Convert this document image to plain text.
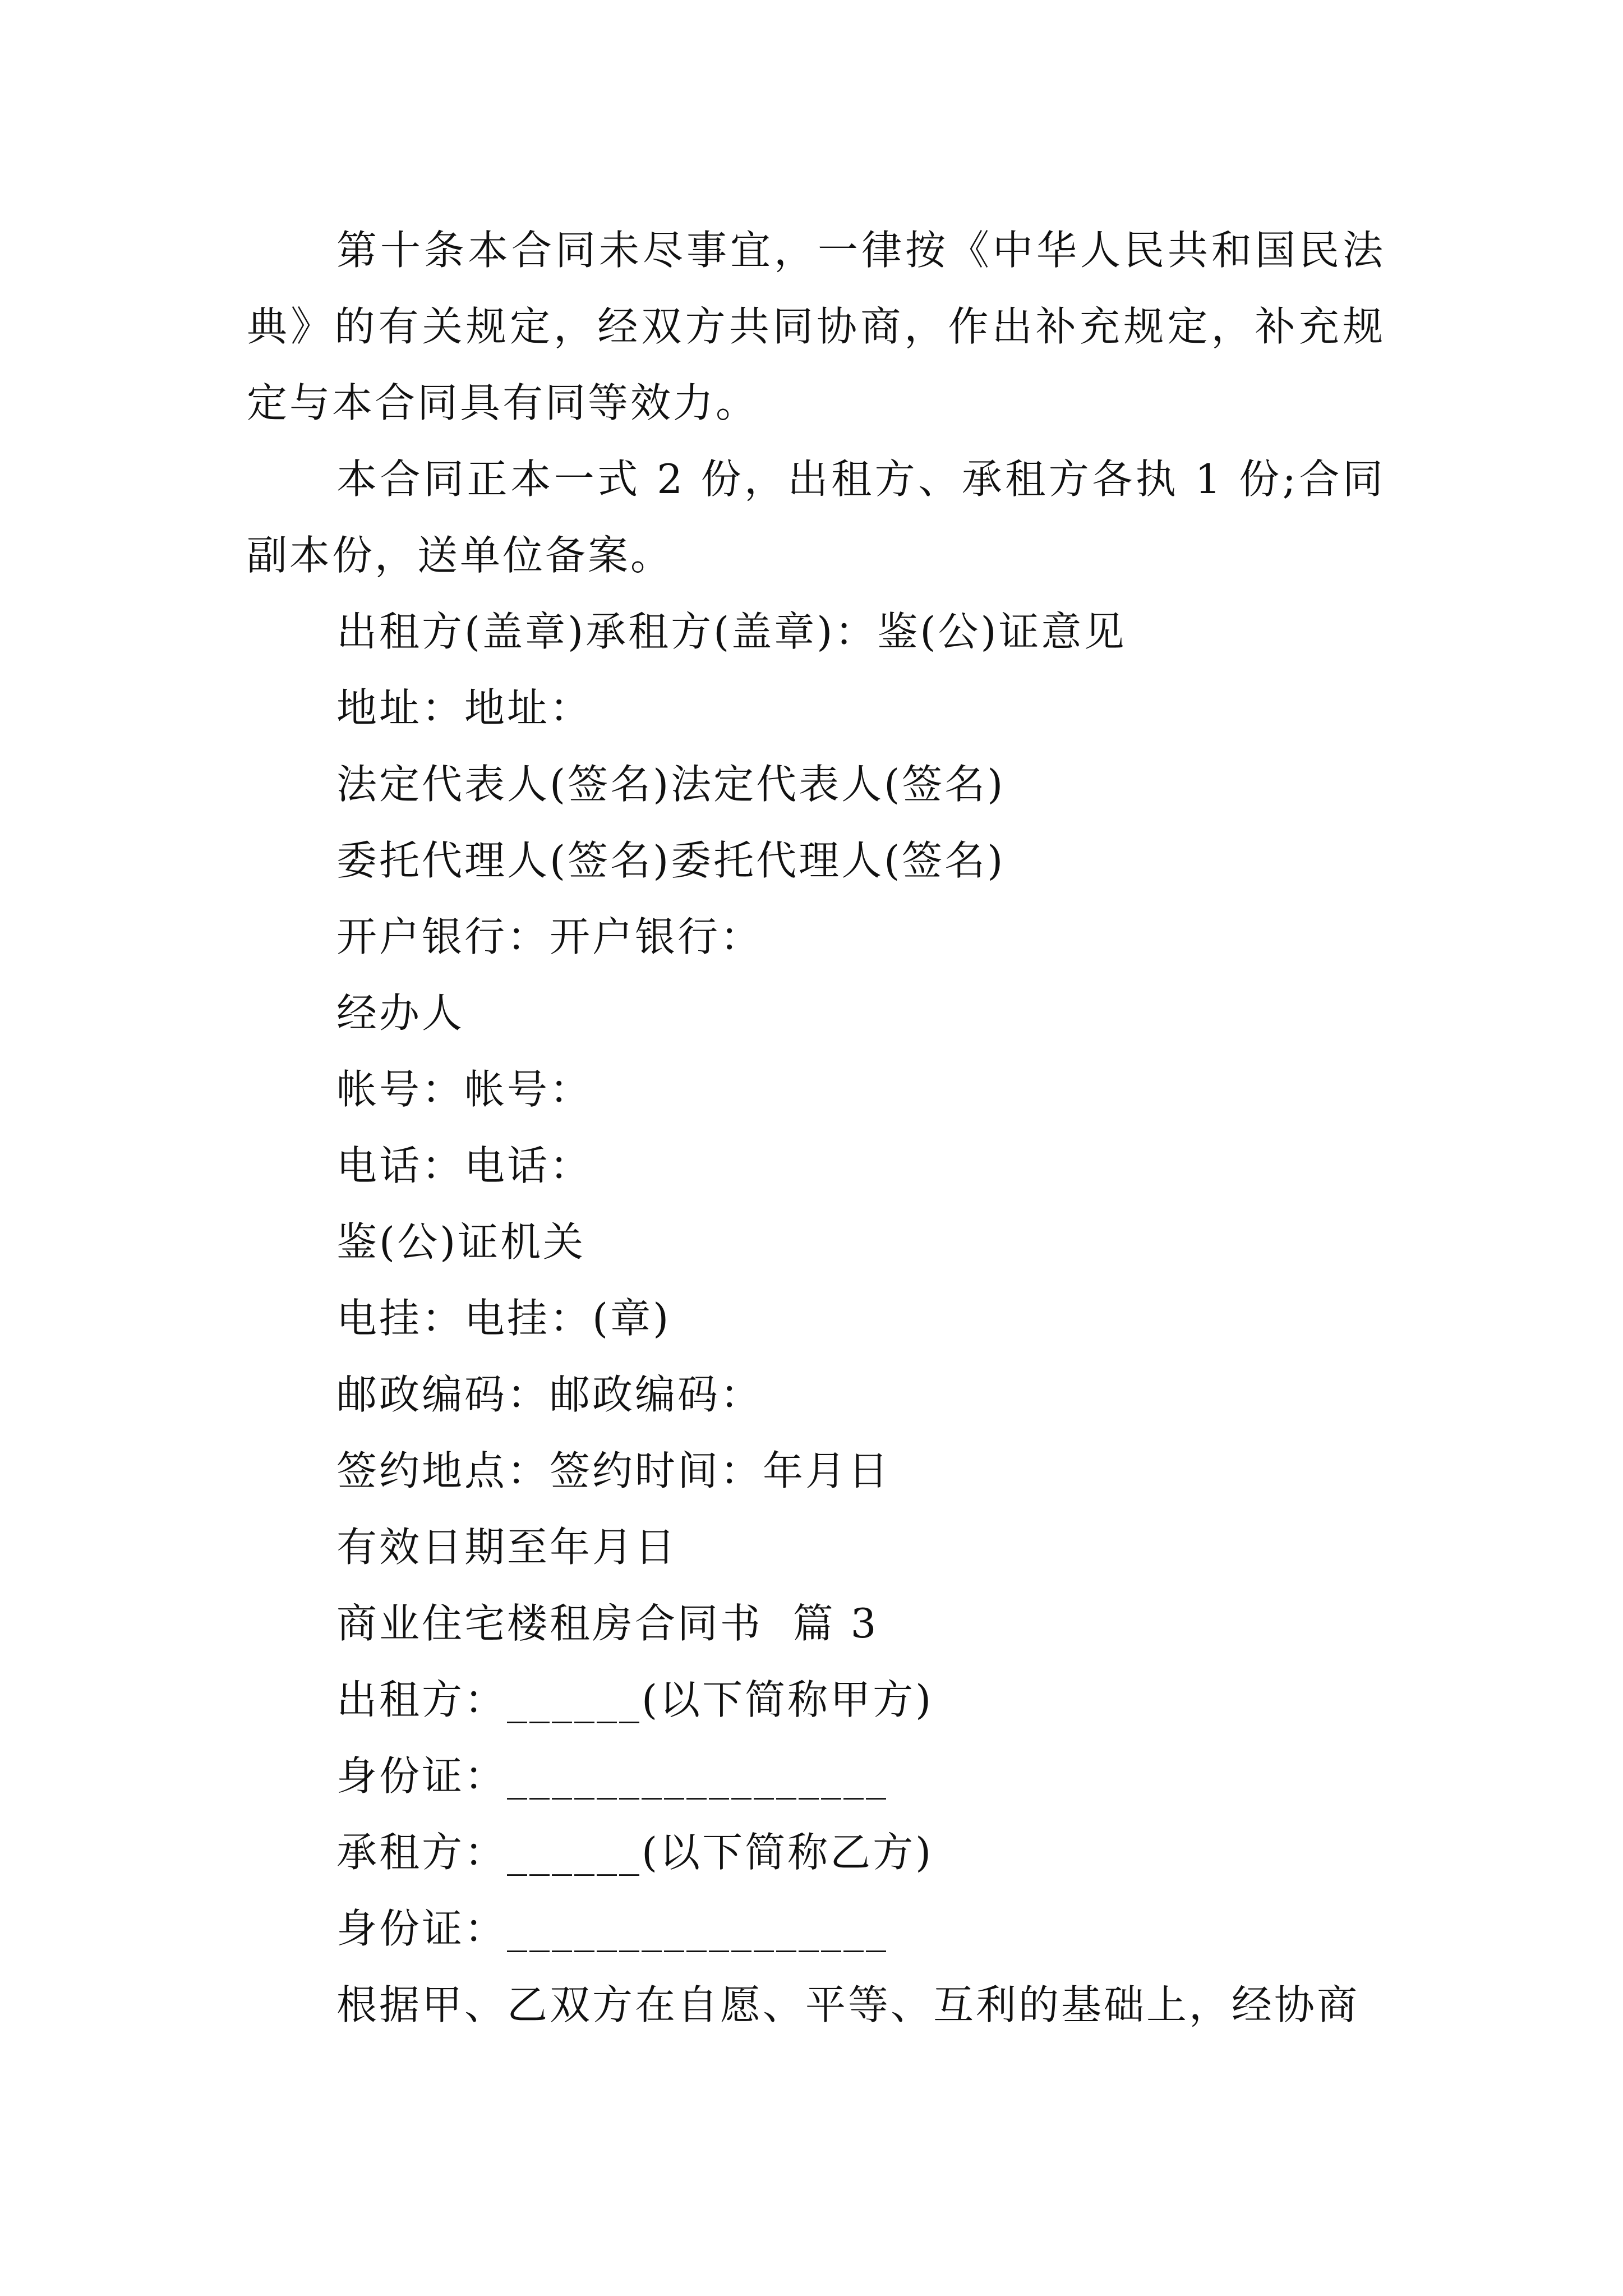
第十条本合同未尽事宜，一律按《中华人民共和国民法典》的有关规定，经双方共同协商，作出补充规定，补充规定与本合同具有同等效力。

本合同正本一式 2 份，出租方、承租方各执 1 份;合同副本份，送单位备案。

出租方(盖章)承租方(盖章)：鉴(公)证意见
地址：地址：
法定代表人(签名)法定代表人(签名)
委托代理人(签名)委托代理人(签名)
开户银行：开户银行：
经办人
帐号：帐号：
电话：电话：
鉴(公)证机关
电挂：电挂：(章)
邮政编码：邮政编码：
签约地点：签约时间：年月日
有效日期至年月日
商业住宅楼租房合同书  篇 3
出租方：______(以下简称甲方)
身份证：_________________
承租方：______(以下简称乙方)
身份证：_________________

根据甲、乙双方在自愿、平等、互利的基础上，经协商
